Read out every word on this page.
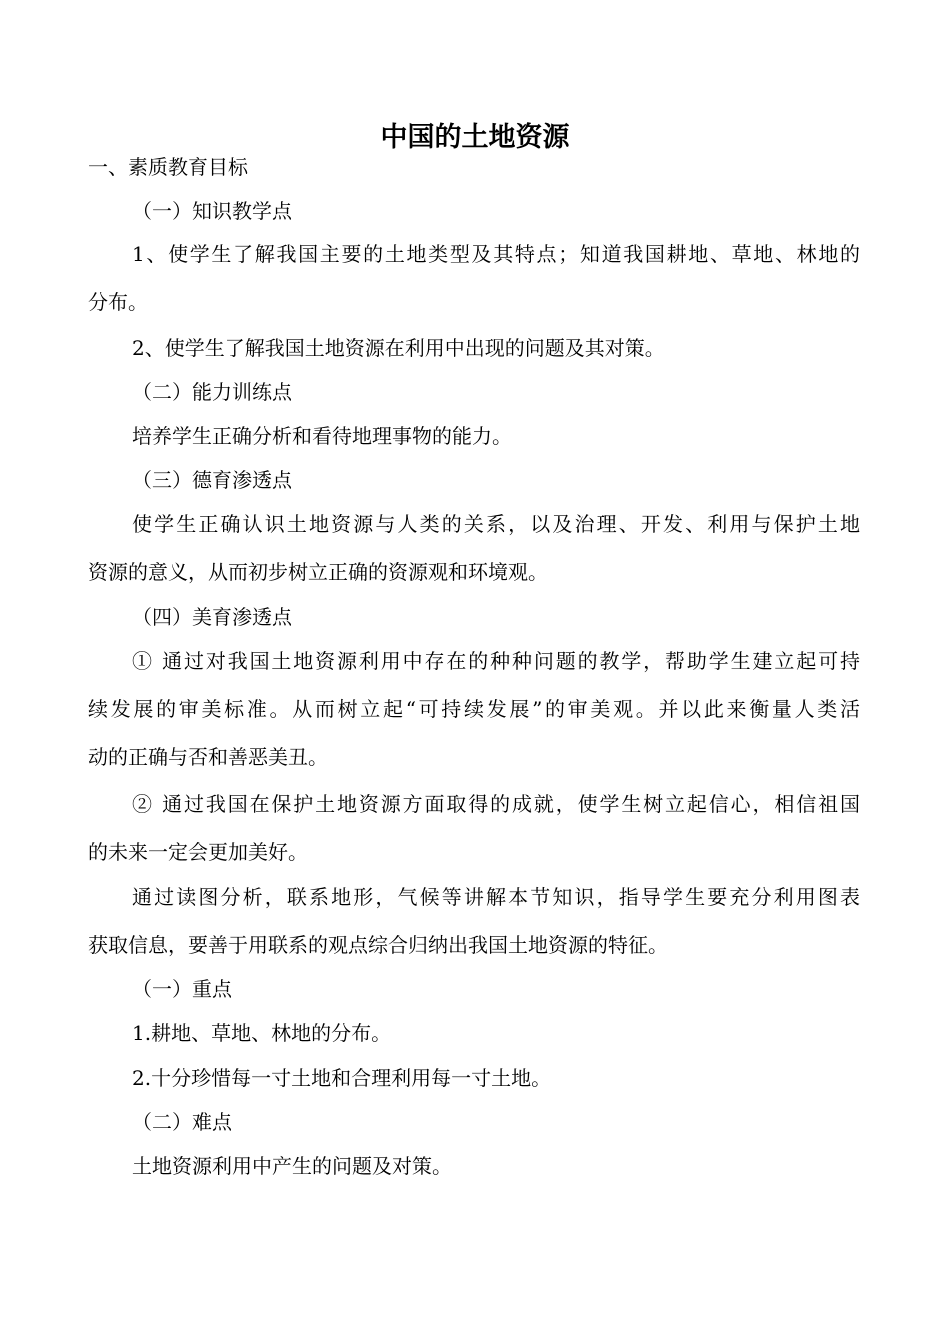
中国的土地资源

一、素质教育目标

（一）知识教学点

1、使学生了解我国主要的土地类型及其特点；知道我国耕地、草地、林地的

分布。

2、使学生了解我国土地资源在利用中出现的问题及其对策。

（二）能力训练点

培养学生正确分析和看待地理事物的能力。

（三）德育渗透点

使学生正确认识土地资源与人类的关系，以及治理、开发、利用与保护土地

资源的意义，从而初步树立正确的资源观和环境观。

（四）美育渗透点

① 通过对我国土地资源利用中存在的种种问题的教学，帮助学生建立起可持

续发展的审美标准。从而树立起“可持续发展”的审美观。并以此来衡量人类活

动的正确与否和善恶美丑。

② 通过我国在保护土地资源方面取得的成就，使学生树立起信心，相信祖国

的未来一定会更加美好。

通过读图分析，联系地形，气候等讲解本节知识，指导学生要充分利用图表

获取信息，要善于用联系的观点综合归纳出我国土地资源的特征。

（一）重点

1.耕地、草地、林地的分布。

2.十分珍惜每一寸土地和合理利用每一寸土地。

（二）难点

土地资源利用中产生的问题及对策。
